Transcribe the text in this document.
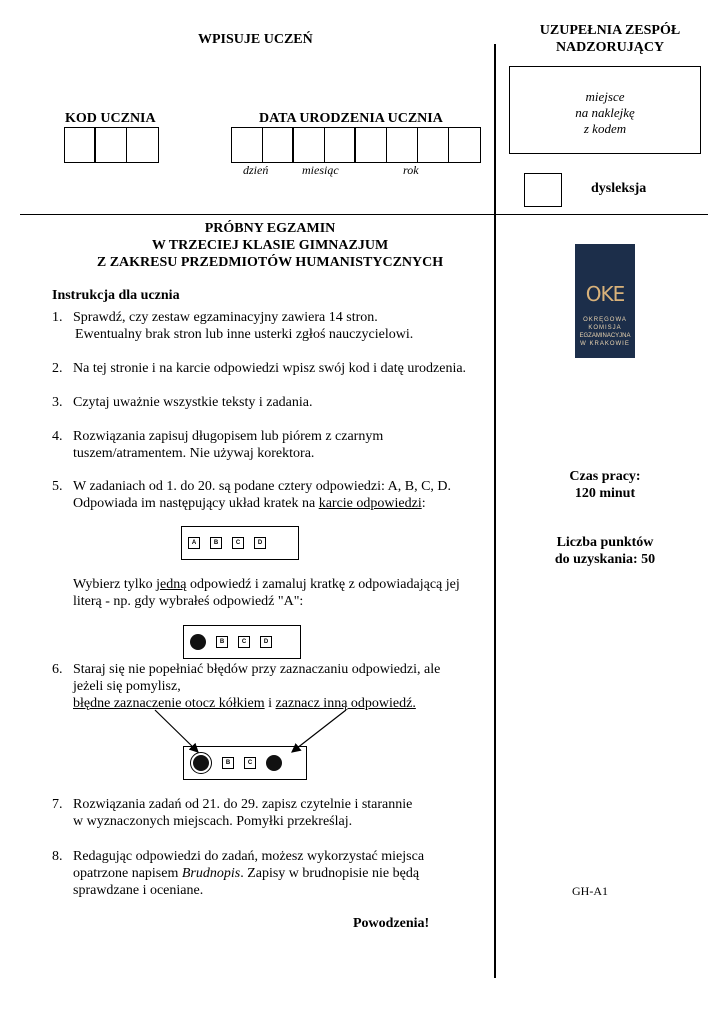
WPISUJE UCZEŃ
KOD UCZNIA	DATA URODZENIA UCZNIA
dzień	miesiąc	rok
UZUPEŁNIA ZESPÓŁ NADZORUJĄCY
miejsce
na naklejkę
z kodem
dysleksja
PRÓBNY EGZAMIN
W TRZECIEJ KLASIE GIMNAZJUM
Z ZAKRESU PRZEDMIOTÓW HUMANISTYCZNYCH
OKE
OKRĘGOWA
KOMISJA
EGZAMINACYJNA
W KRAKOWIE
Czas pracy:
120 minut
Liczba punktów
do uzyskania: 50
GH-A1
Instrukcja dla ucznia
1. Sprawdź, czy zestaw egzaminacyjny zawiera 14 stron.
Ewentualny brak stron lub inne usterki zgłoś nauczycielowi.
2. Na tej stronie i na karcie odpowiedzi wpisz swój kod i datę urodzenia.
3. Czytaj uważnie wszystkie teksty i zadania.
4. Rozwiązania zapisuj długopisem lub piórem z czarnym
tuszem/atramentem. Nie używaj korektora.
5. W zadaniach od 1. do 20. są podane cztery odpowiedzi: A, B, C, D.
Odpowiada im następujący układ kratek na karcie odpowiedzi:
A	B	C	D
Wybierz tylko jedną odpowiedź i zamaluj kratkę z odpowiadającą jej
literą - np. gdy wybrałeś odpowiedź "A":
B	C	D
6. Staraj się nie popełniać błędów przy zaznaczaniu odpowiedzi, ale
jeżeli się pomylisz,
błędne zaznaczenie otocz kółkiem i zaznacz inną odpowiedź.
B	C
7. Rozwiązania zadań od 21. do 29. zapisz czytelnie i starannie
w wyznaczonych miejscach. Pomyłki przekreślaj.
8. Redagując odpowiedzi do zadań, możesz wykorzystać miejsca
opatrzone napisem Brudnopis. Zapisy w brudnopisie nie będą
sprawdzane i oceniane.
Powodzenia!
